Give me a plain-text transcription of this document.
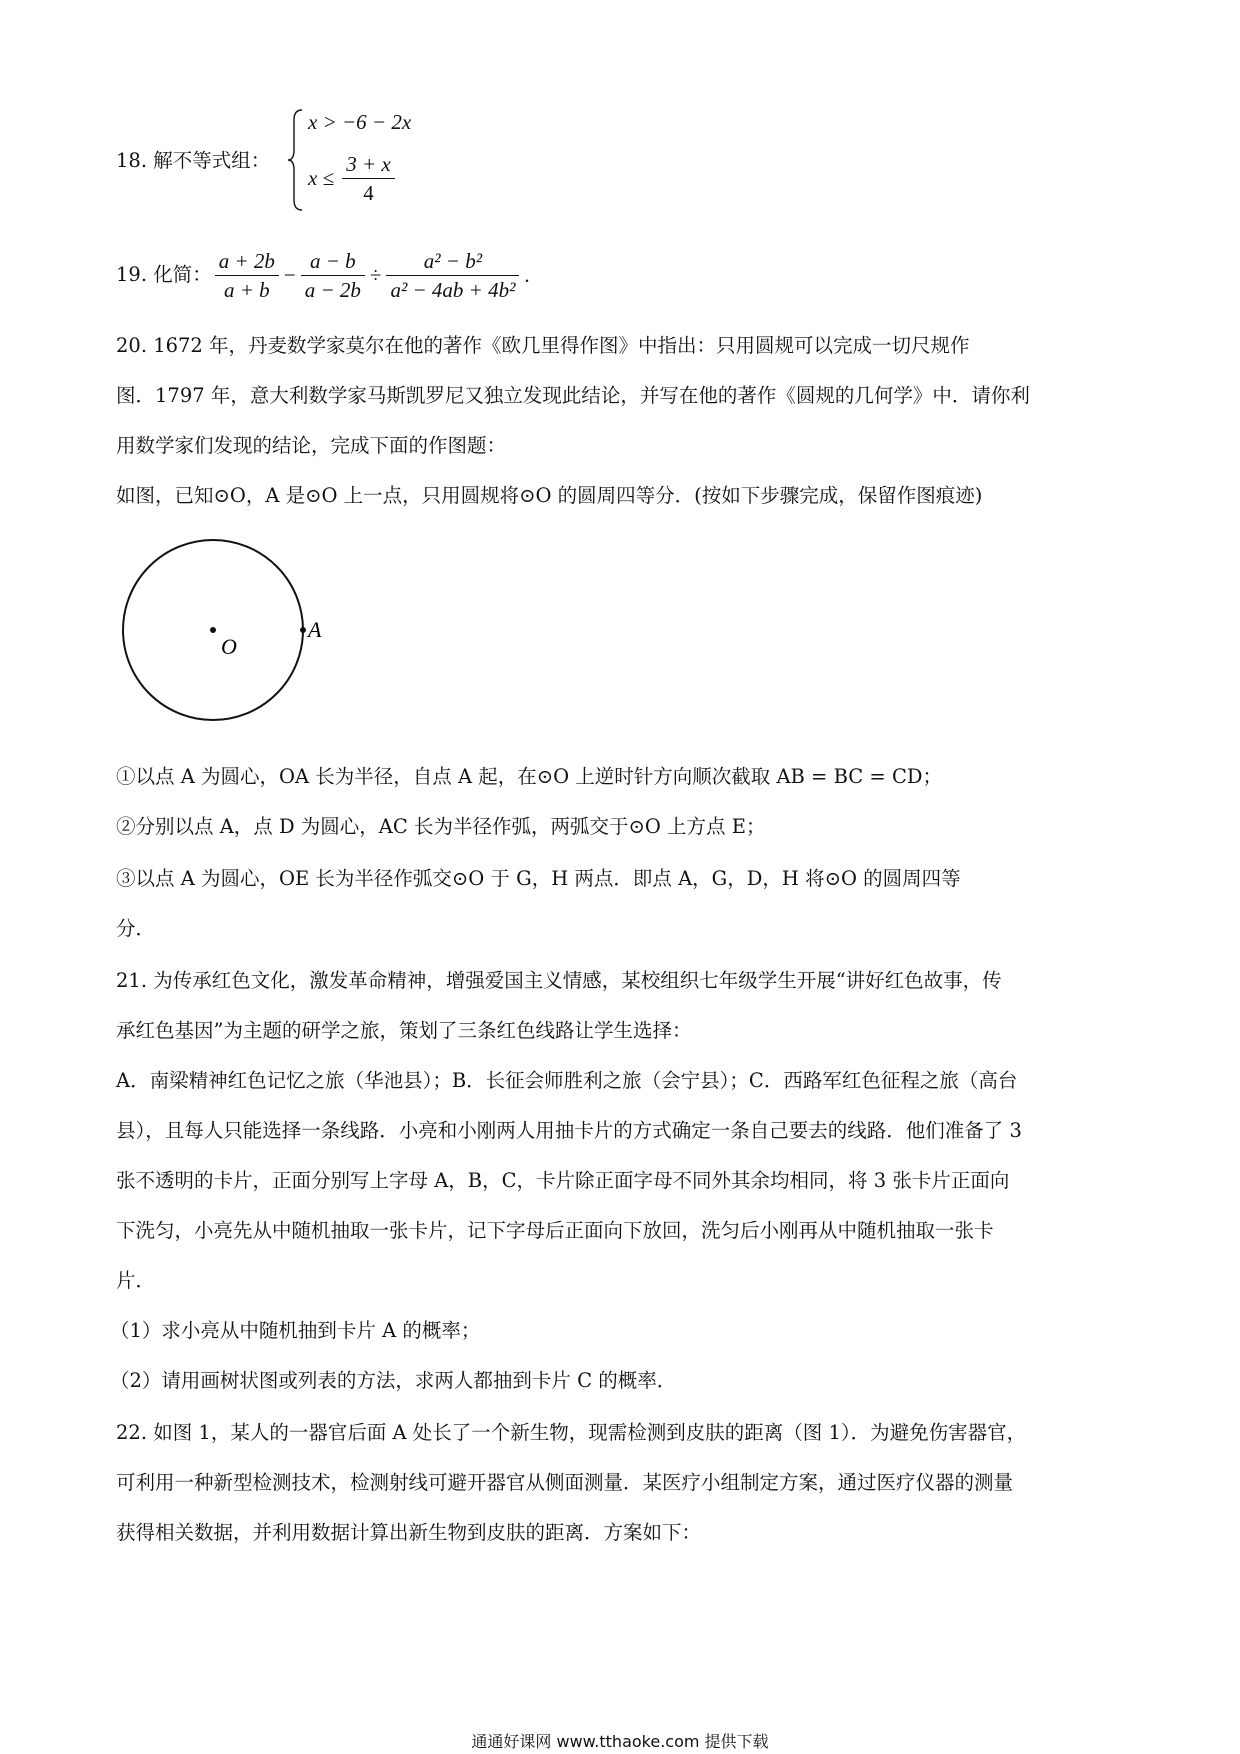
18. 解不等式组：
x > −6 − 2x
$x \le \frac{3 + x}{4}$
19. 化简： $\frac{a + 2b}{a + b} - \frac{a - b}{a - 2b} \div \frac{\text{a² − b²}}{\text{a² − 4ab + 4b²}}$ .
20. 1672 年，丹麦数学家莫尔在他的著作《欧几里得作图》中指出：只用圆规可以完成一切尺规作
图．1797 年，意大利数学家马斯凯罗尼又独立发现此结论，并写在他的著作《圆规的几何学》中．请你利
用数学家们发现的结论，完成下面的作图题：
如图，已知⊙O，A 是⊙O 上一点，只用圆规将⊙O 的圆周四等分．(按如下步骤完成，保留作图痕迹)
O
A
①以点 A 为圆心，OA 长为半径，自点 A 起，在⊙O 上逆时针方向顺次截取 AB = BC = CD；
②分别以点 A，点 D 为圆心，AC 长为半径作弧，两弧交于⊙O 上方点 E；
③以点 A 为圆心，OE 长为半径作弧交⊙O 于 G，H 两点．即点 A，G，D，H 将⊙O 的圆周四等
分．
21. 为传承红色文化，激发革命精神，增强爱国主义情感，某校组织七年级学生开展“讲好红色故事，传
承红色基因”为主题的研学之旅，策划了三条红色线路让学生选择：
A．南梁精神红色记忆之旅（华池县）；B．长征会师胜利之旅（会宁县）；C．西路军红色征程之旅（高台
县），且每人只能选择一条线路．小亮和小刚两人用抽卡片的方式确定一条自己要去的线路．他们准备了 3
张不透明的卡片，正面分别写上字母 A，B，C，卡片除正面字母不同外其余均相同，将 3 张卡片正面向
下洗匀，小亮先从中随机抽取一张卡片，记下字母后正面向下放回，洗匀后小刚再从中随机抽取一张卡
片．
（1）求小亮从中随机抽到卡片 A 的概率；
（2）请用画树状图或列表的方法，求两人都抽到卡片 C 的概率．
22. 如图 1，某人的一器官后面 A 处长了一个新生物，现需检测到皮肤的距离（图 1）．为避免伤害器官，
可利用一种新型检测技术，检测射线可避开器官从侧面测量．某医疗小组制定方案，通过医疗仪器的测量
获得相关数据，并利用数据计算出新生物到皮肤的距离．方案如下：
通通好课网 www.tthaoke.com 提供下载
